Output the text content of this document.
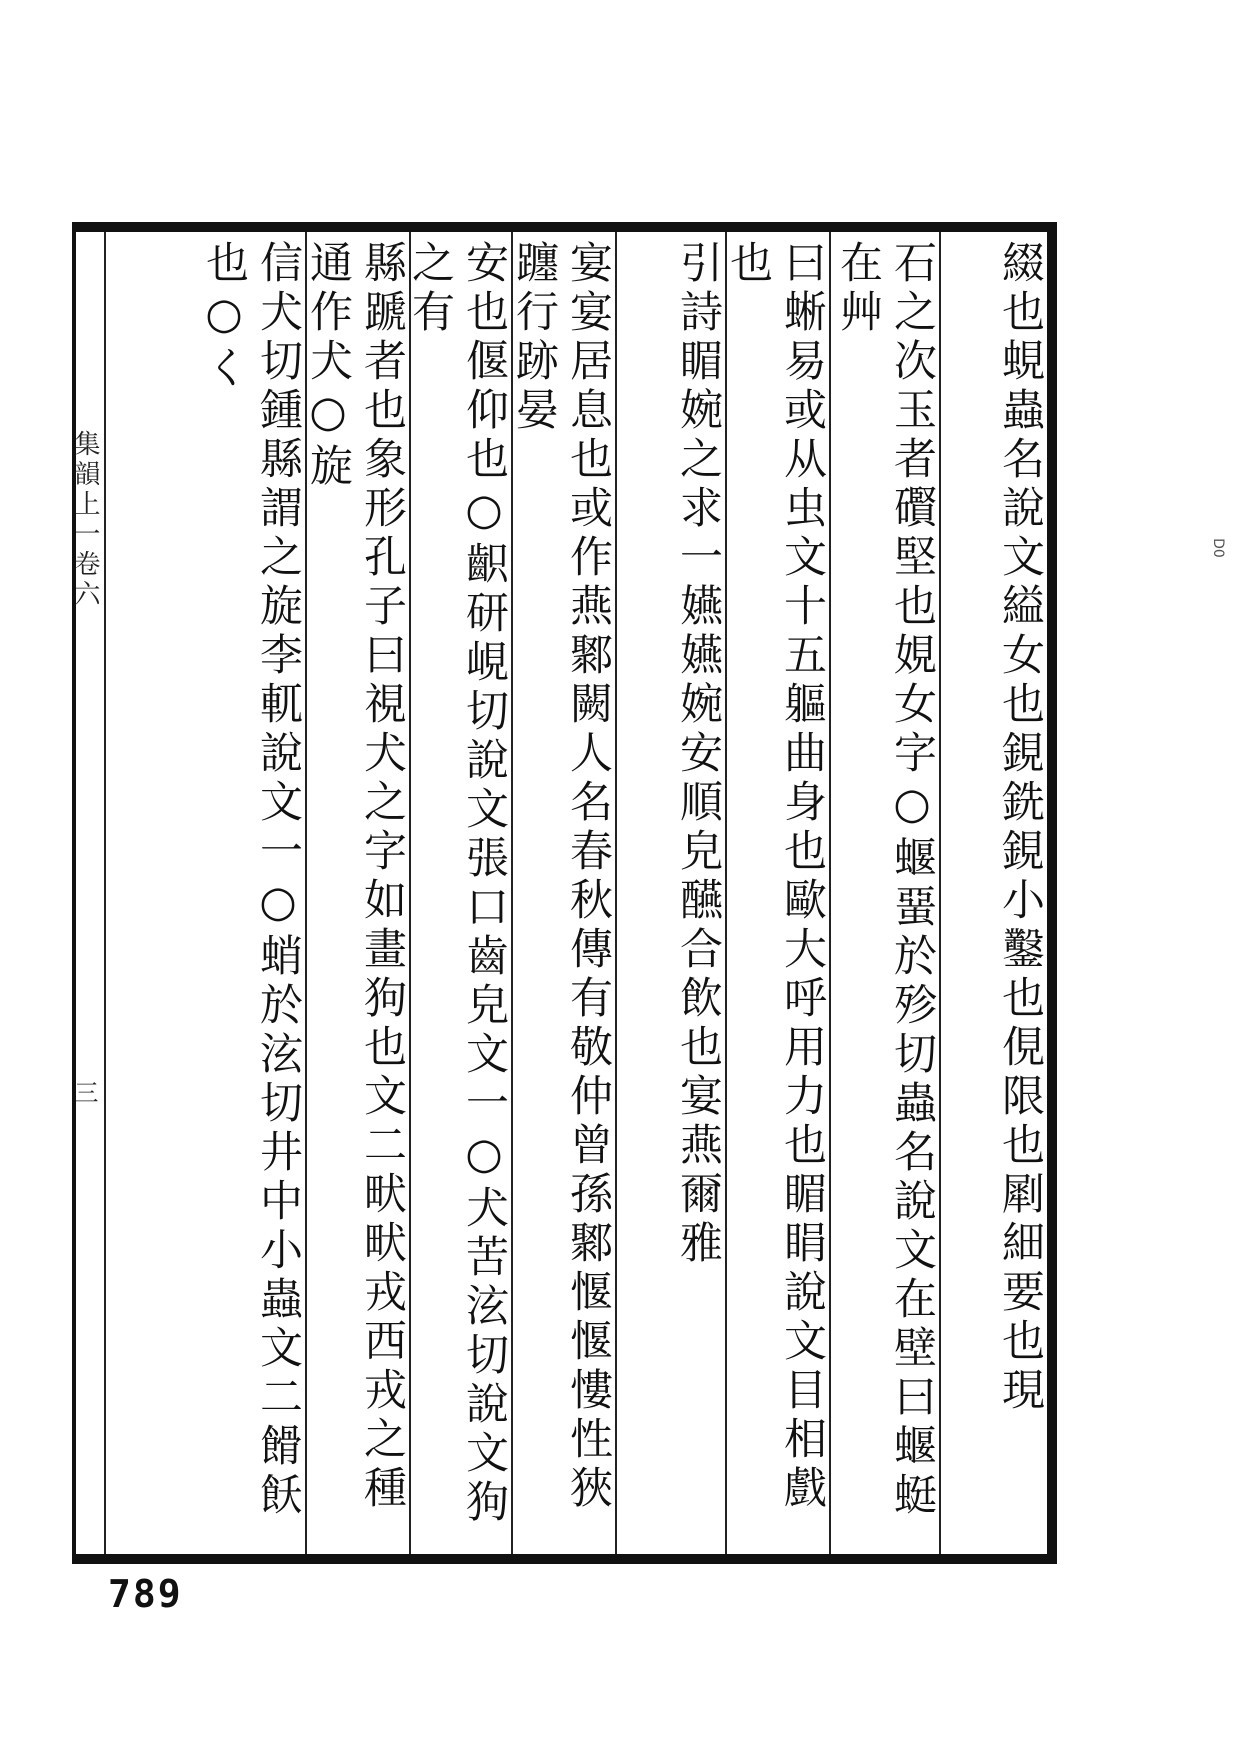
集韻上一卷六
三	綴也蜆蟲名說文縊女也鋧銑鋧小鑿也俔限也㓾細要也現
石之次玉者礥堅也娊女字○蝘蝁於殄切蟲名說文在壁曰蝘蜓在艸
曰蜥易或从虫文十五軀曲身也歐大呼用力也睸睊說文目相戲也
引詩睸婉之求一嬿嬿婉安順皃醼合飲也宴燕爾雅
宴宴居息也或作燕鄹闕人名春秋傳有敬仲曾孫鄹愝愝慺性狹躔行跡晏
安也偃仰也○齞研峴切說文張口齒皃文一○犬苦泫切說文狗之有
縣蹏者也象形孔子曰視犬之字如畫狗也文二畎畎戎西戎之種通作犬○旋
信犬切鍾縣謂之旋李軏說文一○蛸於泫切井中小蟲文二餶飫也○く
789
D0
